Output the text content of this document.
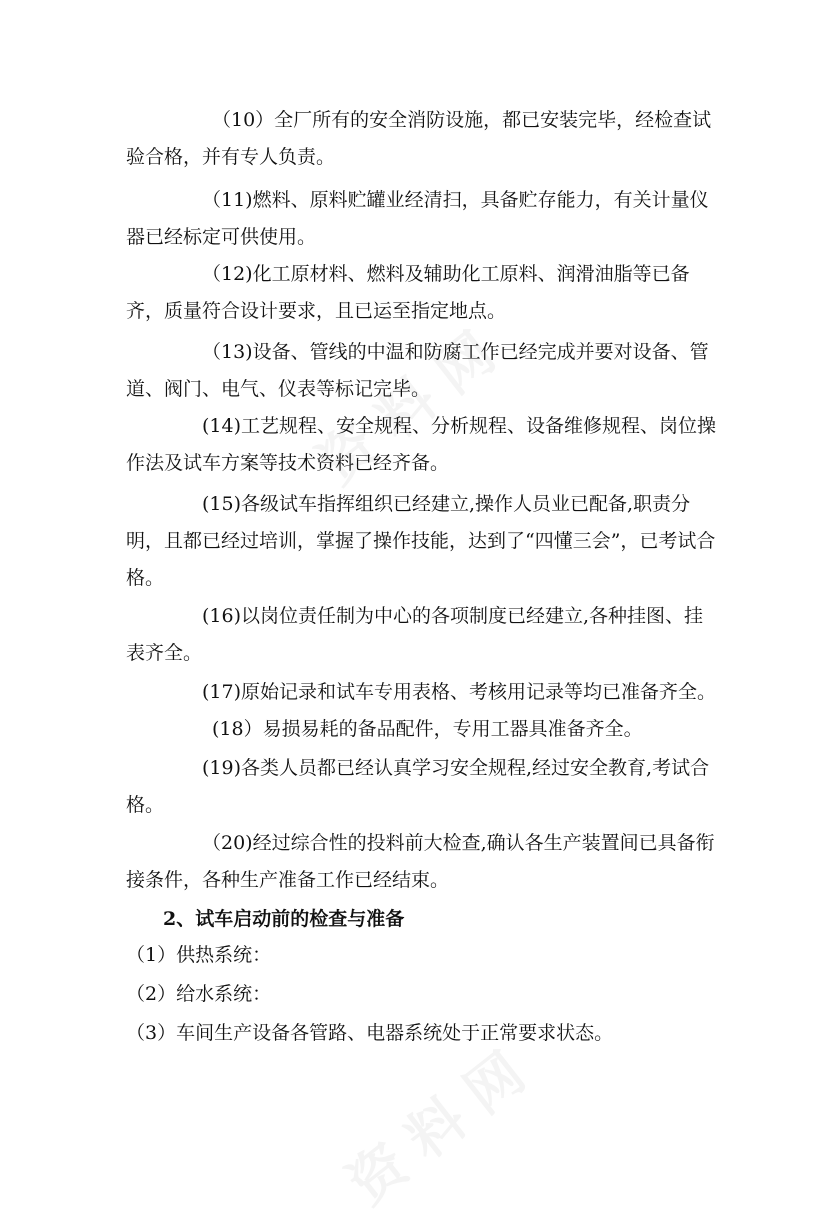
（10）全厂所有的安全消防设施，都已安装完毕，经检查试验合格，并有专人负责。

（11)燃料、原料贮罐业经清扫，具备贮存能力，有关计量仪器已经标定可供使用。

（12)化工原材料、燃料及辅助化工原料、润滑油脂等已备齐，质量符合设计要求，且已运至指定地点。

（13)设备、管线的中温和防腐工作已经完成并要对设备、管道、阀门、电气、仪表等标记完毕。

(14)工艺规程、安全规程、分析规程、设备维修规程、岗位操作法及试车方案等技术资料已经齐备。

(15)各级试车指挥组织已经建立,操作人员业已配备,职责分明，且都已经过培训，掌握了操作技能，达到了“四懂三会”，已考试合格。

(16)以岗位责任制为中心的各项制度已经建立,各种挂图、挂表齐全。

(17)原始记录和试车专用表格、考核用记录等均已准备齐全。

(18）易损易耗的备品配件，专用工器具准备齐全。

(19)各类人员都已经认真学习安全规程,经过安全教育,考试合格。

（20)经过综合性的投料前大检查,确认各生产装置间已具备衔接条件，各种生产准备工作已经结束。

2、试车启动前的检查与准备
（1）供热系统：
（2）给水系统：
（3）车间生产设备各管路、电器系统处于正常要求状态。
